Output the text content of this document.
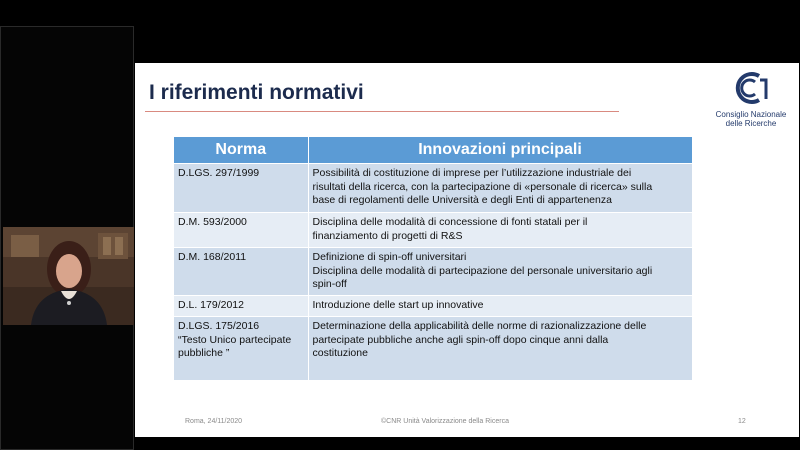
I riferimenti normativi
Consiglio Nazionale
delle Ricerche
Norma	Innovazioni principali

D.LGS. 297/1999	Possibilità di costituzione di imprese per l’utilizzazione industriale dei
risultati della ricerca, con la partecipazione di «personale di ricerca» sulla
base di regolamenti delle Università e degli Enti di appartenenza

D.M. 593/2000	Disciplina delle modalità di concessione di fonti statali per il
finanziamento di progetti di R&S

D.M. 168/2011	Definizione di spin-off universitari
Disciplina delle modalità di partecipazione del personale universitario agli
spin-off

D.L. 179/2012	Introduzione delle start up innovative

D.LGS. 175/2016
“Testo Unico partecipate
pubbliche ”	Determinazione della applicabilità delle norme di razionalizzazione delle
partecipate pubbliche anche agli spin-off dopo cinque anni dalla
costituzione
Roma, 24/11/2020	©CNR Unità Valorizzazione della Ricerca	12
